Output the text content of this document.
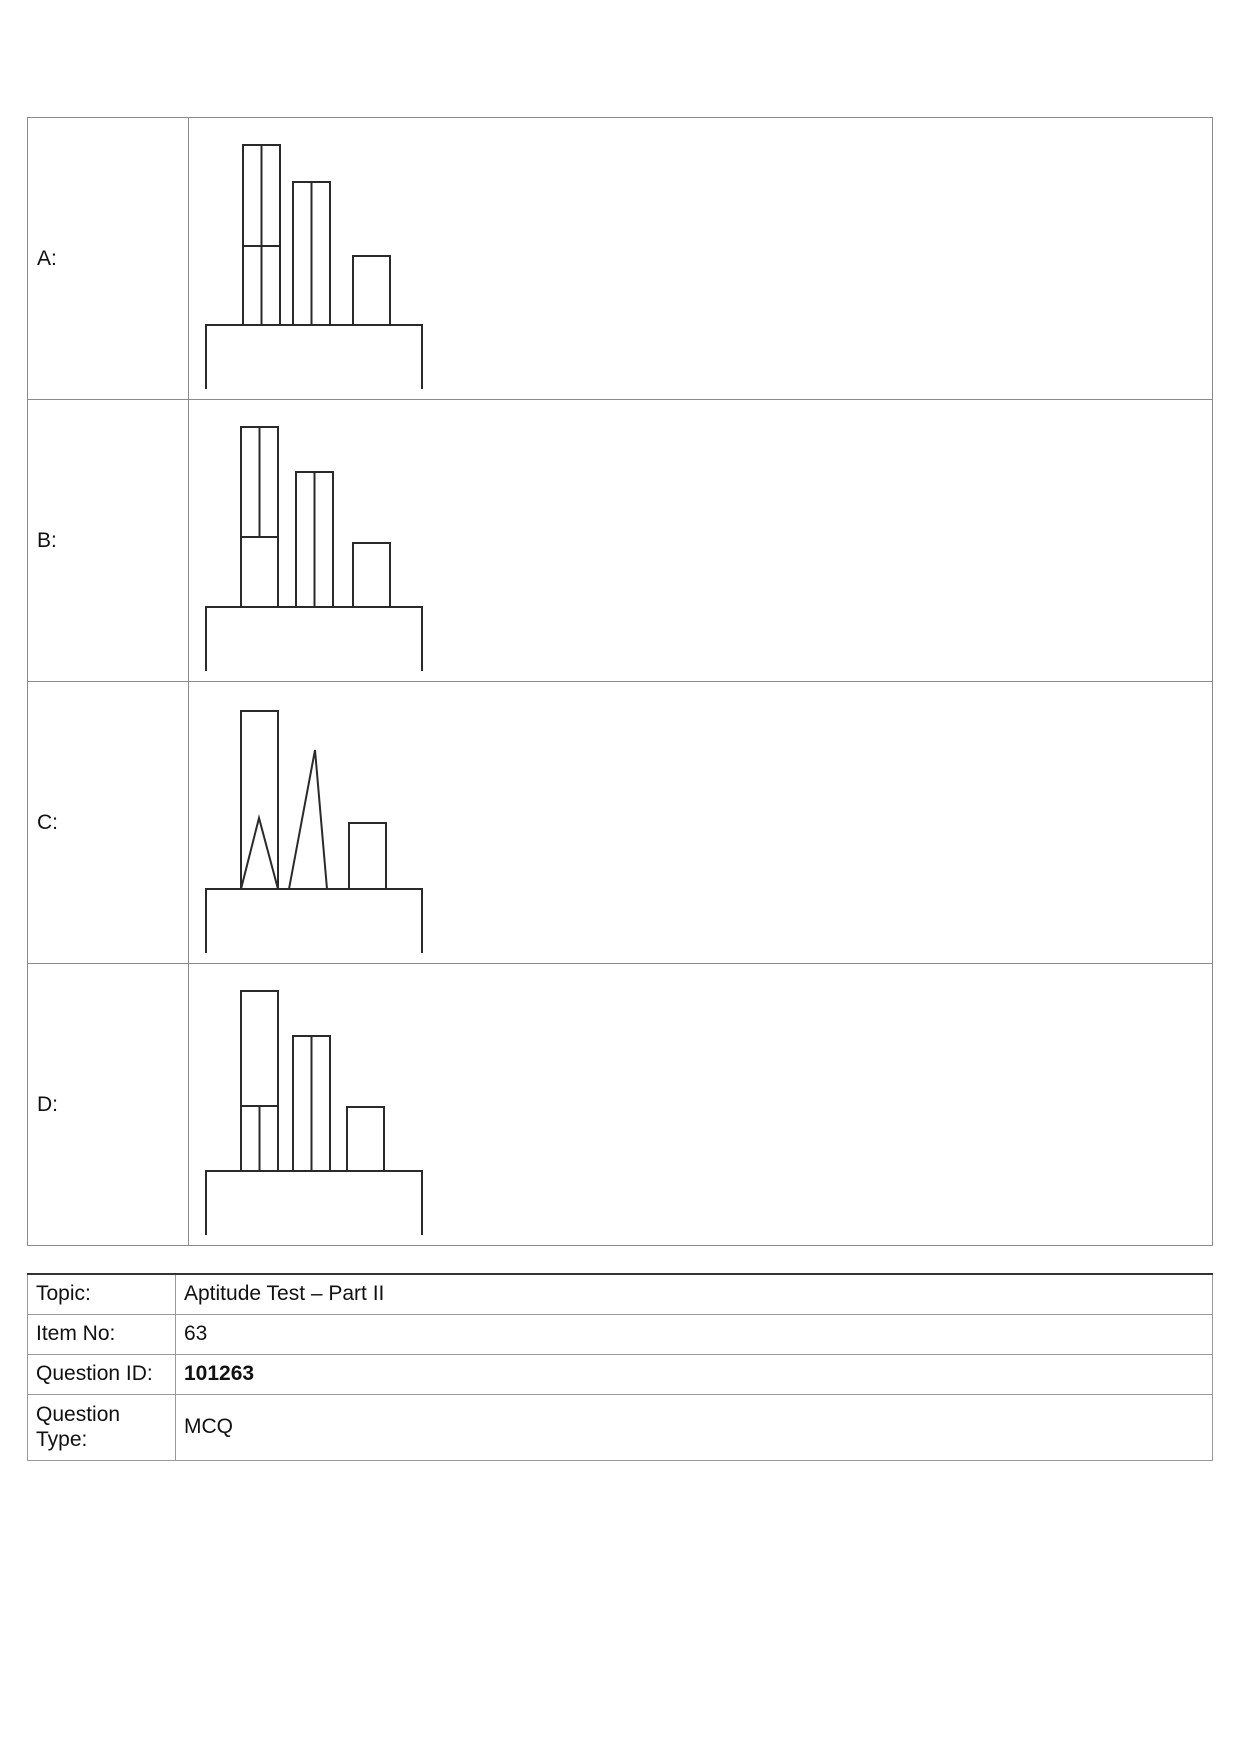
A:	

B:	

C:	

D:	
Topic:	Aptitude Test – Part II
Item No:	63
Question ID:	101263
Question Type:	MCQ
